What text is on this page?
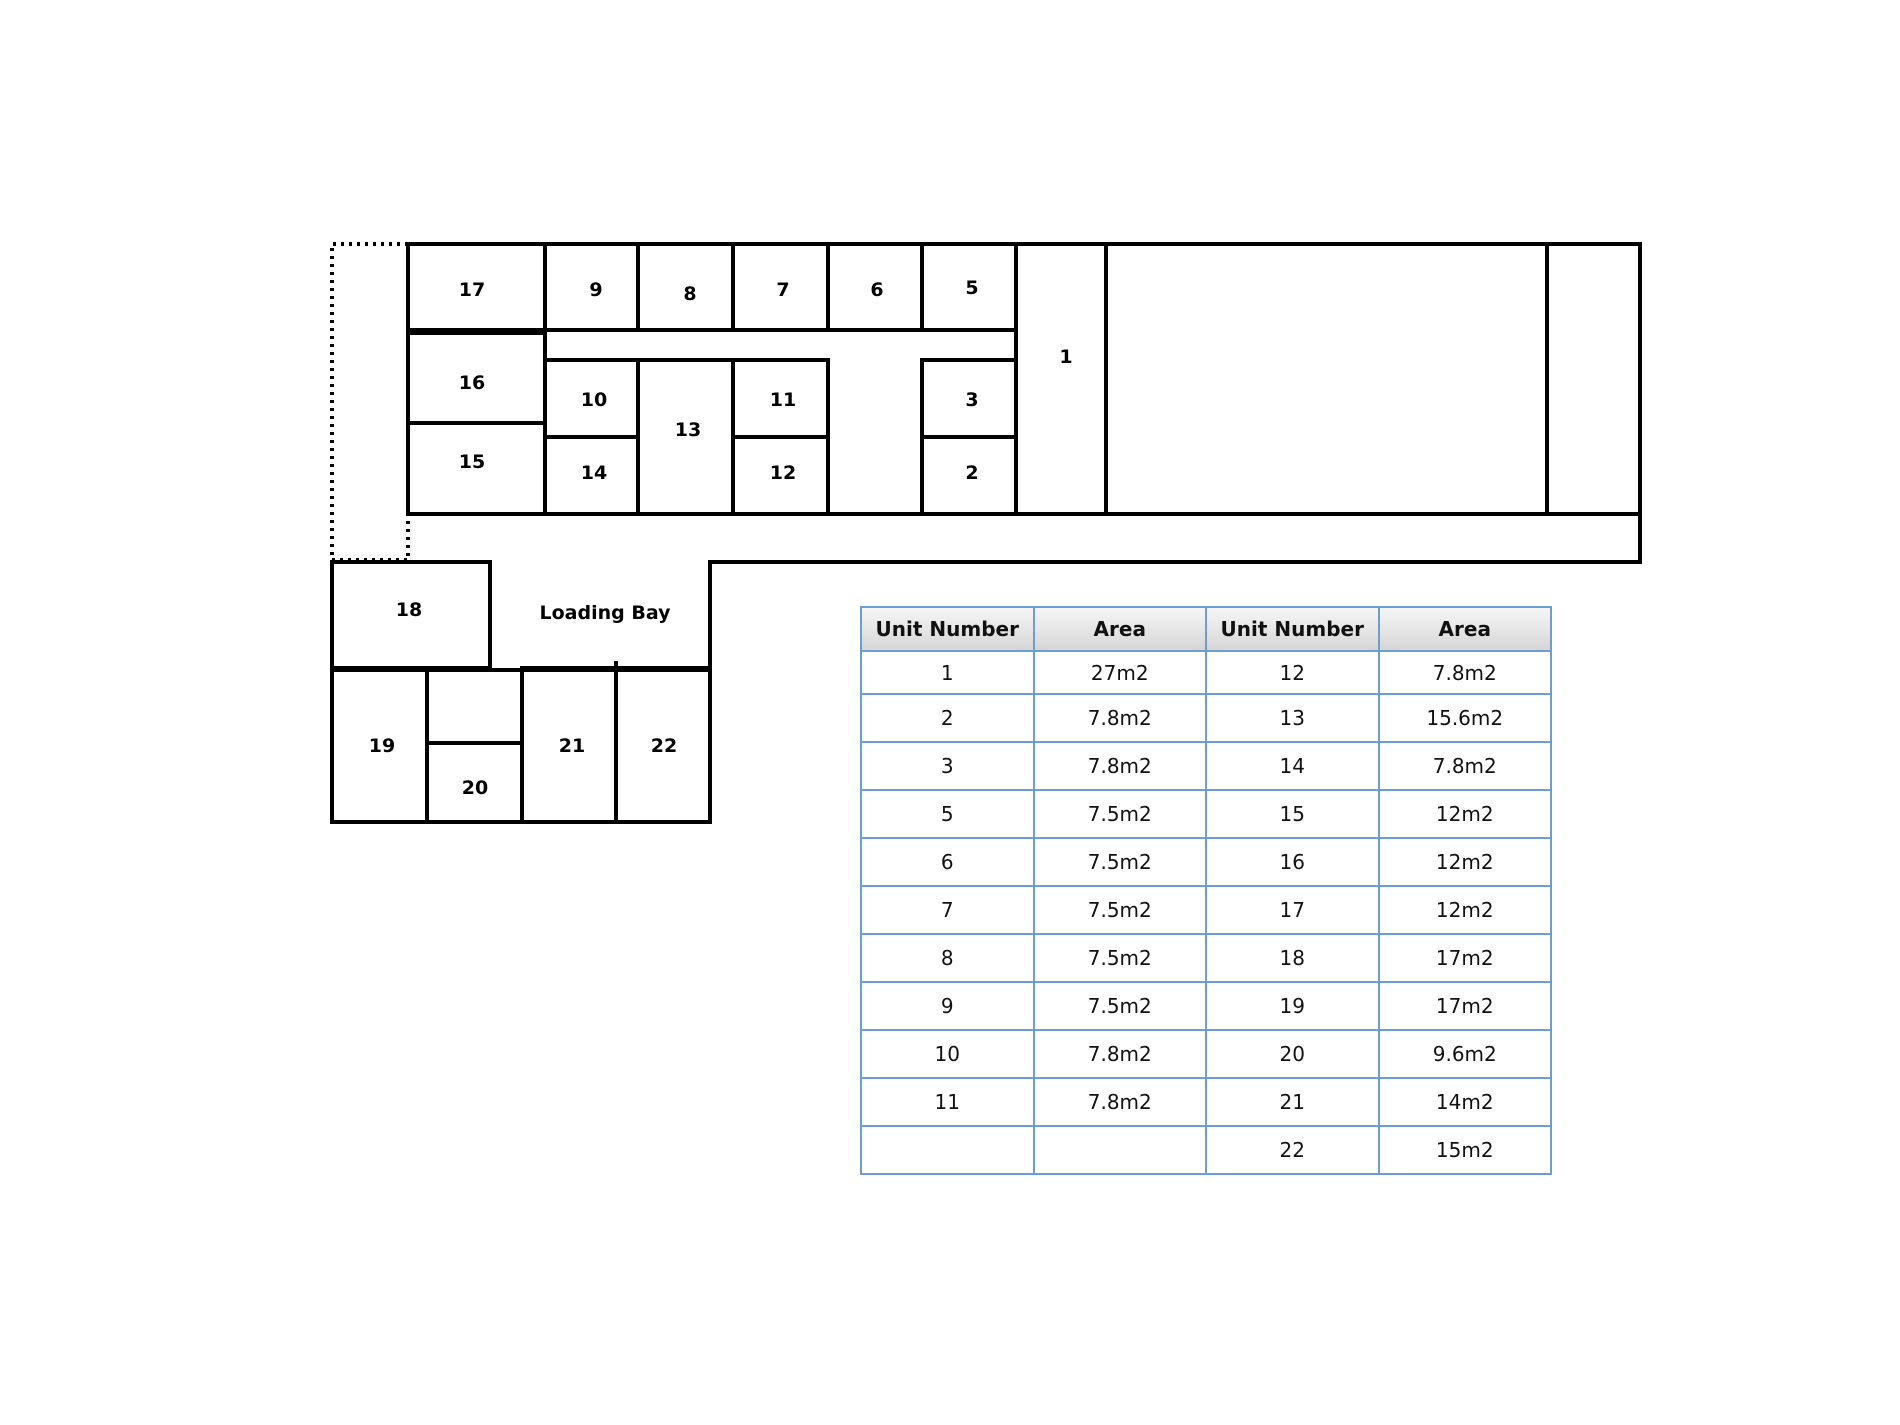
17	9	8	7	6	5
1
16
15
10
13
11	3
14	12	2
18	Loading Bay
19
20
21	22
Unit Number	Area	Unit Number	Area
1	27m2	12	7.8m2
2	7.8m2	13	15.6m2
3	7.8m2	14	7.8m2
5	7.5m2	15	12m2
6	7.5m2	16	12m2
7	7.5m2	17	12m2
8	7.5m2	18	17m2
9	7.5m2	19	17m2
10	7.8m2	20	9.6m2
11	7.8m2	21	14m2
		22	15m2
